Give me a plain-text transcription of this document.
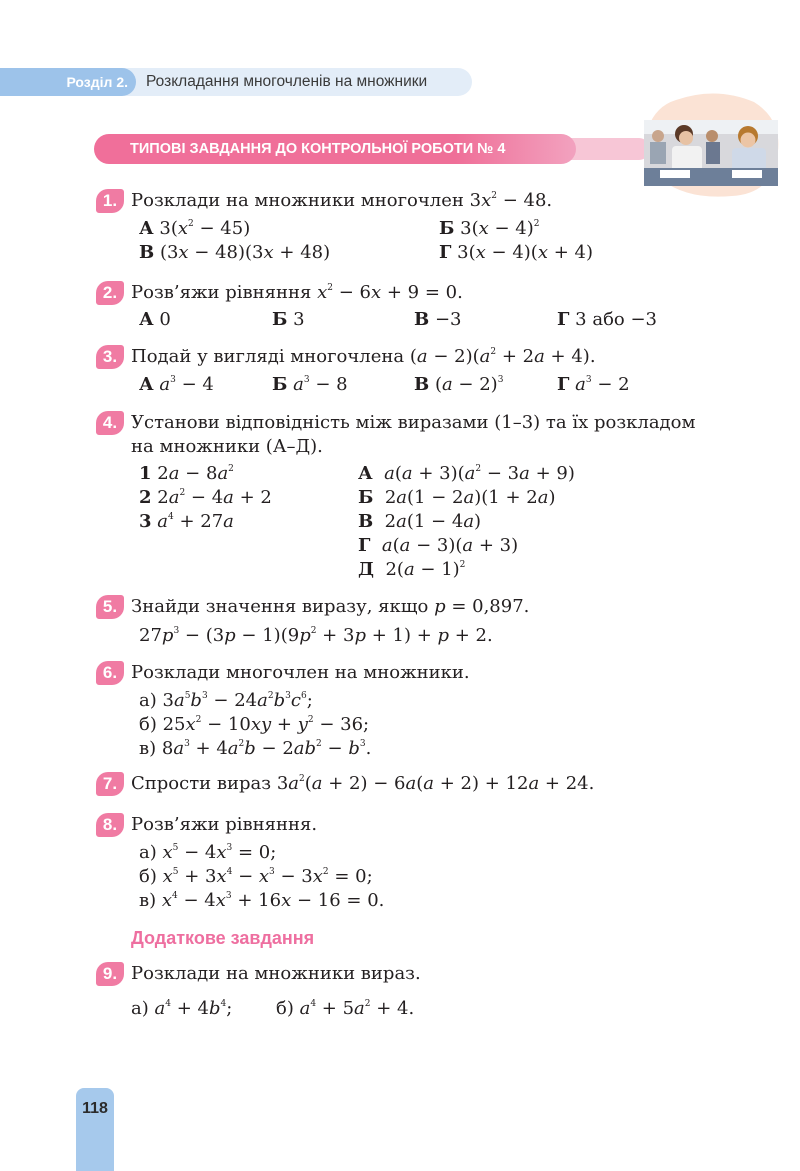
Розділ 2.	Розкладання многочленів на множники
ТИПОВІ ЗАВДАННЯ ДО КОНТРОЛЬНОЇ РОБОТИ № 4
1. Розклади на множники многочлен $3x^2 - 48$.
А $3(x^2 - 45)$	Б $3(x - 4)^2$
В (3x − 48)(3x + 48)	Г 3(x − 4)(x + 4)
2. Розв’яжи рівняння $x^2 - 6x + 9 = 0$.
А 0	Б 3	В −3	Г 3 або −3
3. Подай у вигляді многочлена $(a - 2)(a^2 + 2a + 4)$.
А $a^3 - 4$	Б $a^3 - 8$	В $(a - 2)^3$	Г $a^3 - 2$
4. Установи відповідність між виразами (1–3) та їх розкладом
на множники (А–Д).
1 $2a - 8a^2$
2 $2a^2 - 4a + 2$
3 $a^4 + 27a$
А $a(a + 3)(a^2 - 3a + 9)$
Б  2a(1 − 2a)(1 + 2a)
В  2a(1 − 4a)
Г a(a − 3)(a + 3)
Д  $2(a - 1)^2$
5. Знайди значення виразу, якщо p = 0,897.
$27p^3 - (3p - 1)(9p^2 + 3p + 1) + p + 2$.
6. Розклади многочлен на множники.
а) $3a^5b^3 - 24a^2b^3c^6$;
б) $25x^2 - 10xy + y^2 - 36$;
в) $8a^3 + 4a^2b - 2ab^2 - b^3$.
7. Спрости вираз $3a^2(a + 2) - 6a(a + 2) + 12a + 24$.
8. Розв’яжи рівняння.
а) $x^5 - 4x^3 = 0$;
б) $x^5 + 3x^4 - x^3 - 3x^2 = 0$;
в) $x^4 - 4x^3 + 16x - 16 = 0$.
Додаткове завдання
9. Розклади на множники вираз.
а) $a^4 + 4b^4$; б) $a^4 + 5a^2 + 4$.
118
